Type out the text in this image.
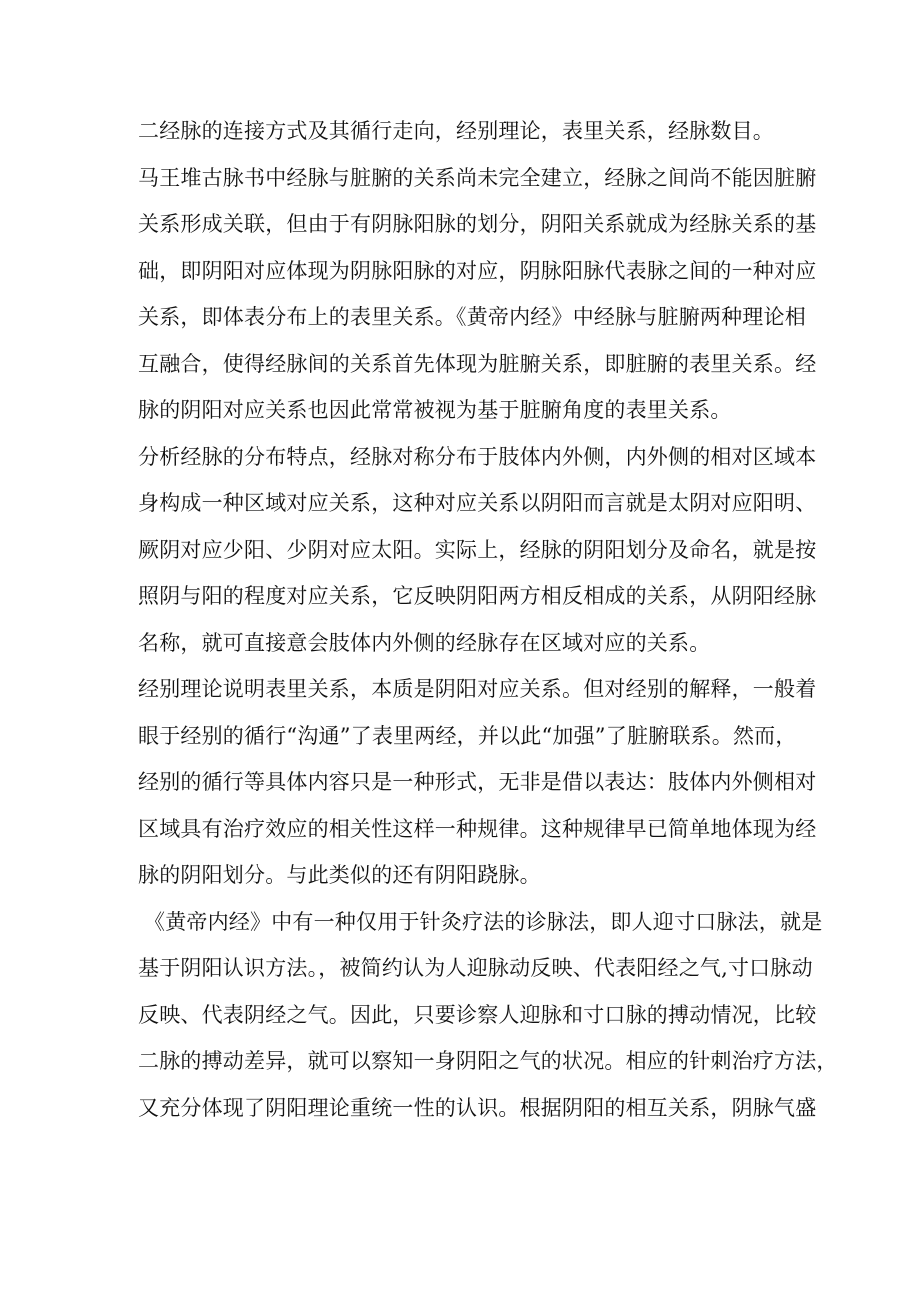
二经脉的连接方式及其循行走向，经别理论，表里关系，经脉数目。
马王堆古脉书中经脉与脏腑的关系尚未完全建立，经脉之间尚不能因脏腑
关系形成关联，但由于有阴脉阳脉的划分，阴阳关系就成为经脉关系的基
础，即阴阳对应体现为阴脉阳脉的对应，阴脉阳脉代表脉之间的一种对应
关系，即体表分布上的表里关系。《黄帝内经》中经脉与脏腑两种理论相
互融合，使得经脉间的关系首先体现为脏腑关系，即脏腑的表里关系。经
脉的阴阳对应关系也因此常常被视为基于脏腑角度的表里关系。
分析经脉的分布特点，经脉对称分布于肢体内外侧，内外侧的相对区域本
身构成一种区域对应关系，这种对应关系以阴阳而言就是太阴对应阳明、
厥阴对应少阳、少阴对应太阳。实际上，经脉的阴阳划分及命名，就是按
照阴与阳的程度对应关系，它反映阴阳两方相反相成的关系，从阴阳经脉
名称，就可直接意会肢体内外侧的经脉存在区域对应的关系。
经别理论说明表里关系，本质是阴阳对应关系。但对经别的解释，一般着
眼于经别的循行“沟通”了表里两经，并以此“加强”了脏腑联系。然而，
经别的循行等具体内容只是一种形式，无非是借以表达：肢体内外侧相对
区域具有治疗效应的相关性这样一种规律。这种规律早已简单地体现为经
脉的阴阳划分。与此类似的还有阴阳跷脉。
《黄帝内经》中有一种仅用于针灸疗法的诊脉法，即人迎寸口脉法，就是
基于阴阳认识方法。，被简约认为人迎脉动反映、代表阳经之气,寸口脉动
反映、代表阴经之气。因此，只要诊察人迎脉和寸口脉的搏动情况，比较
二脉的搏动差异，就可以察知一身阴阳之气的状况。相应的针刺治疗方法，
又充分体现了阴阳理论重统一性的认识。根据阴阳的相互关系，阴脉气盛
